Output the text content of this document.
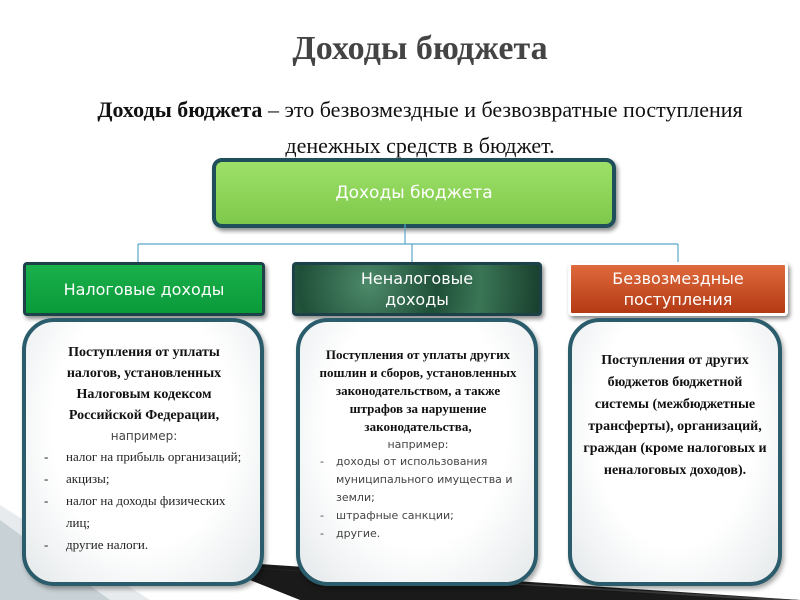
Доходы бюджета
Доходы бюджета – это безвозмездные и безвозвратные поступления денежных средств в бюджет.
Доходы бюджета
Налоговые доходы
Неналоговые доходы
Безвозмездные поступления
Поступления от уплаты налогов, установленных Налоговым кодексом Российской Федерации,
например:
- налог на прибыль организаций;
- акцизы;
- налог на доходы физических лиц;
- другие налоги.
Поступления от уплаты других пошлин и сборов, установленных законодательством, а также штрафов за нарушение законодательства,
например:
- доходы от использования муниципального имущества и земли;
- штрафные санкции;
- другие.
Поступления от других бюджетов бюджетной системы (межбюджетные трансферты), организаций, граждан (кроме налоговых и неналоговых доходов).
